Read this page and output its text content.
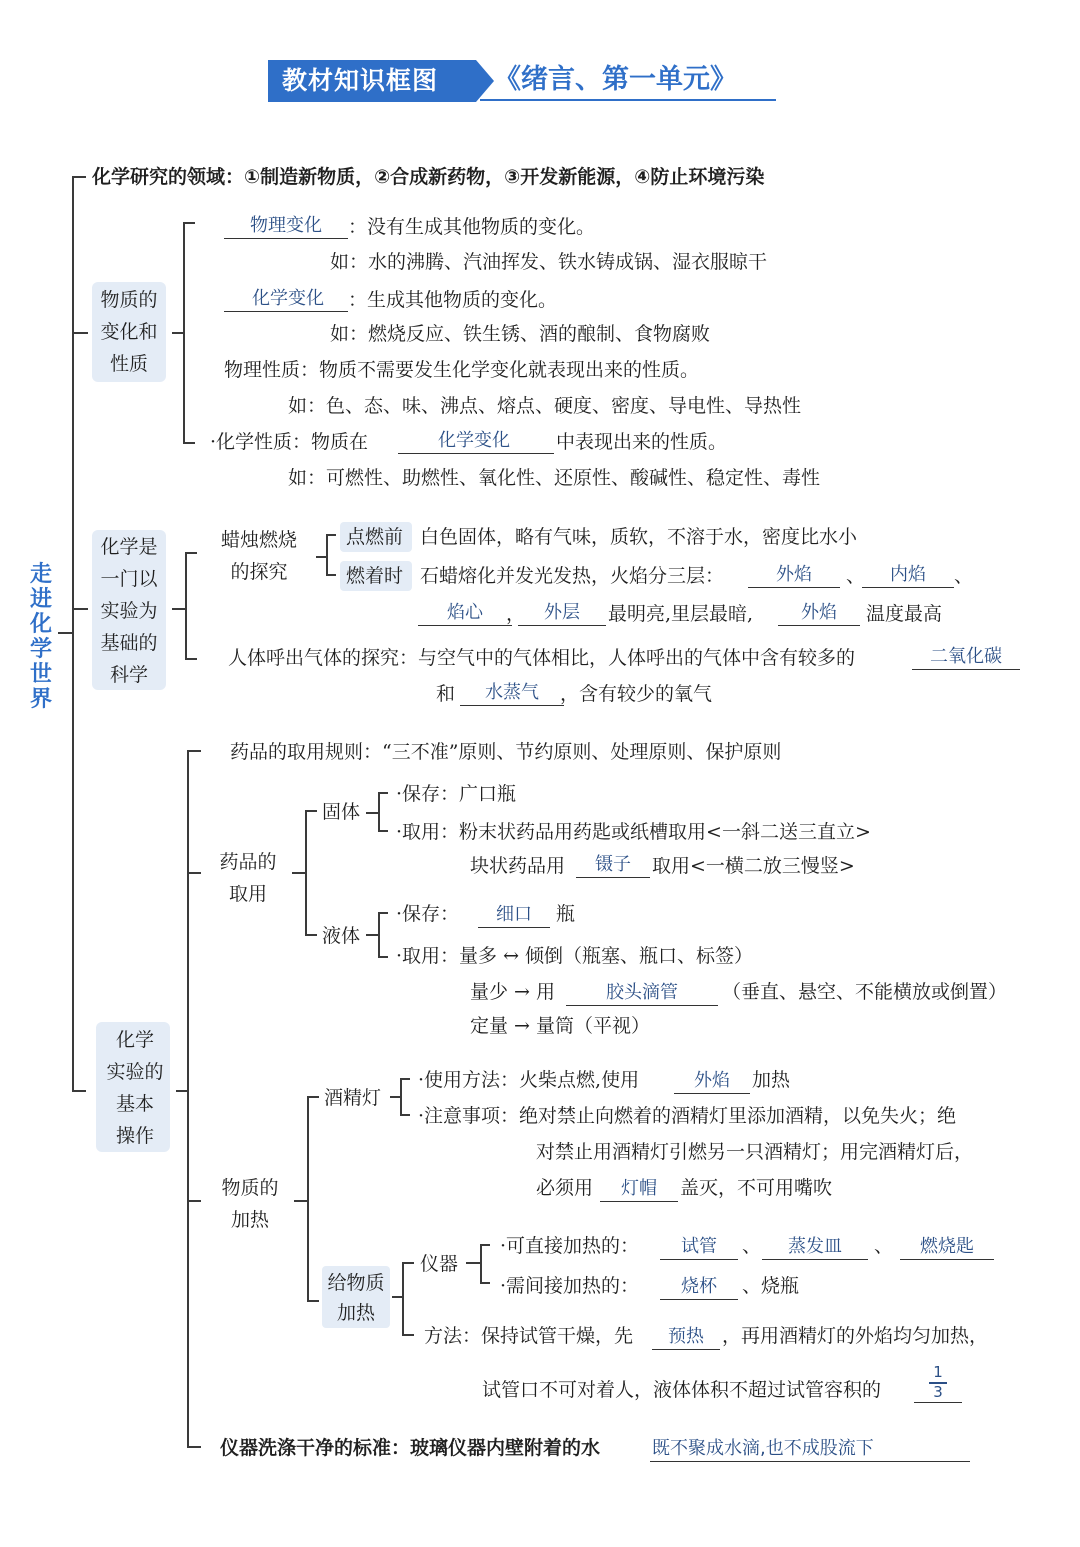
教材知识框图 《绪言、第一单元》
走
进
化
学
世
界
化学研究的领域：①制造新物质，②合成新药物，③开发新能源，④防止环境污染
物质的
变化和
性质
物理变化	：没有生成其他物质的变化。
如：水的沸腾、汽油挥发、铁水铸成锅、湿衣服晾干
化学变化	：生成其他物质的变化。
如：燃烧反应、铁生锈、酒的酿制、食物腐败
物理性质：物质不需要发生化学变化就表现出来的性质。
如：色、态、味、沸点、熔点、硬度、密度、导电性、导热性
·化学性质：物质在	化学变化	中表现出来的性质。
如：可燃性、助燃性、氧化性、还原性、酸碱性、稳定性、毒性
化学是
一门以
实验为
基础的
科学
蜡烛燃烧
的探究
点燃前 白色固体，略有气味，质软，不溶于水，密度比水小
燃着时 石蜡熔化并发光发热，火焰分三层：	外焰	、	内焰	、
焰心	，	外层	最明亮,里层最暗,	外焰	温度最高
人体呼出气体的探究：与空气中的气体相比，人体呼出的气体中含有较多的	二氧化碳
和	水蒸气	，含有较少的氧气
化学
实验的
基本
操作
药品的取用规则：“三不准”原则、节约原则、处理原则、保护原则
药品的
取用
固体
·保存：广口瓶
·取用：粉末状药品用药匙或纸槽取用<一斜二送三直立>
块状药品用	镊子	取用<一横二放三慢竖>
液体
·保存：	细口	瓶
·取用：量多 ↔ 倾倒（瓶塞、瓶口、标签）
量少 → 用	胶头滴管	（垂直、悬空、不能横放或倒置）
定量 → 量筒（平视）
物质的
加热
酒精灯
·使用方法：火柴点燃,使用	外焰	加热
·注意事项：绝对禁止向燃着的酒精灯里添加酒精，以免失火；绝
对禁止用酒精灯引燃另一只酒精灯；用完酒精灯后，
必须用	灯帽	盖灭，不可用嘴吹
给物质
加热
仪器
·可直接加热的：	试管	、	蒸发皿	、	燃烧匙
·需间接加热的：	烧杯	、烧瓶
方法：保持试管干燥，先	预热 ，再用酒精灯的外焰均匀加热，
试管口不可对着人，液体体积不超过试管容积的
1
3
仪器洗涤干净的标准：玻璃仪器内壁附着的水	既不聚成水滴,也不成股流下
